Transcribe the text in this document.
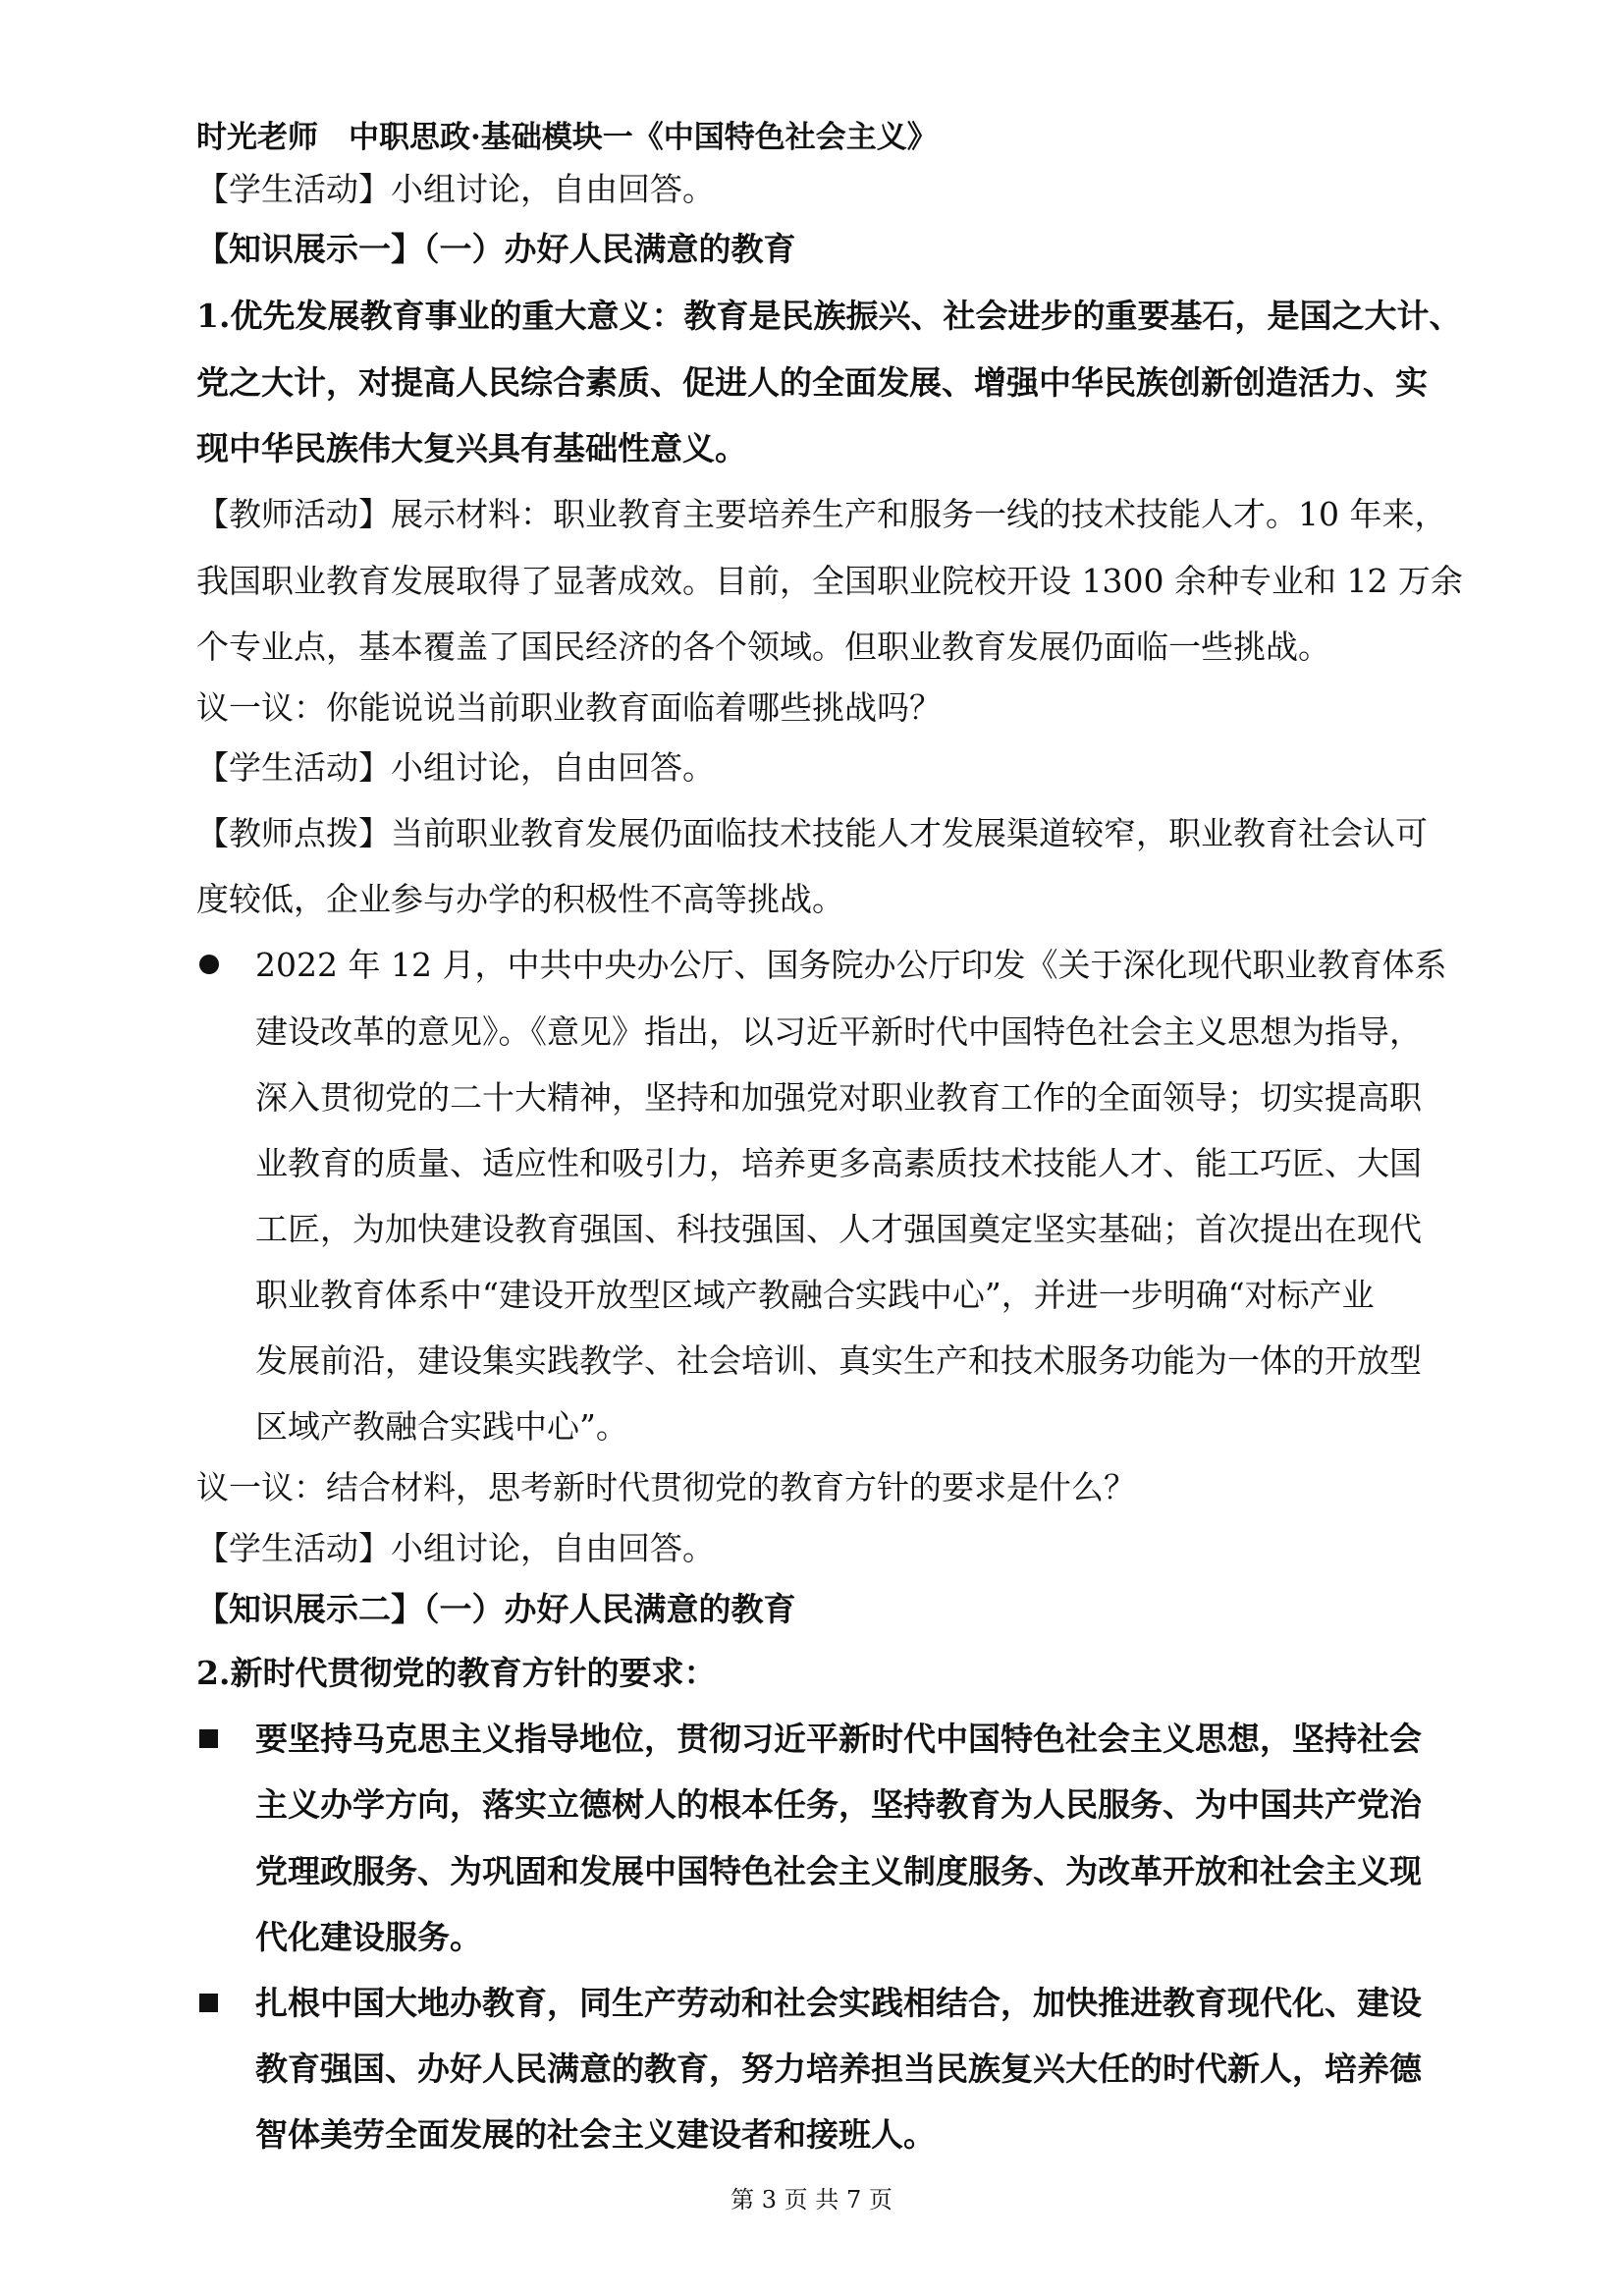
时光老师　中职思政·基础模块一《中国特色社会主义》
【学生活动】小组讨论，自由回答。
【知识展示一】（一）办好人民满意的教育
1.优先发展教育事业的重大意义：教育是民族振兴、社会进步的重要基石，是国之大计、
党之大计，对提高人民综合素质、促进人的全面发展、增强中华民族创新创造活力、实
现中华民族伟大复兴具有基础性意义。
【教师活动】展示材料：职业教育主要培养生产和服务一线的技术技能人才。10 年来，
我国职业教育发展取得了显著成效。目前，全国职业院校开设 1300 余种专业和 12 万余
个专业点，基本覆盖了国民经济的各个领域。但职业教育发展仍面临一些挑战。
议一议：你能说说当前职业教育面临着哪些挑战吗？
【学生活动】小组讨论，自由回答。
【教师点拨】当前职业教育发展仍面临技术技能人才发展渠道较窄，职业教育社会认可
度较低，企业参与办学的积极性不高等挑战。
2022 年 12 月，中共中央办公厅、国务院办公厅印发《关于深化现代职业教育体系
建设改革的意见》。《意见》指出，以习近平新时代中国特色社会主义思想为指导，
深入贯彻党的二十大精神，坚持和加强党对职业教育工作的全面领导；切实提高职
业教育的质量、适应性和吸引力，培养更多高素质技术技能人才、能工巧匠、大国
工匠，为加快建设教育强国、科技强国、人才强国奠定坚实基础；首次提出在现代
职业教育体系中“建设开放型区域产教融合实践中心”，并进一步明确“对标产业
发展前沿，建设集实践教学、社会培训、真实生产和技术服务功能为一体的开放型
区域产教融合实践中心”。
议一议：结合材料，思考新时代贯彻党的教育方针的要求是什么？
【学生活动】小组讨论，自由回答。
【知识展示二】（一）办好人民满意的教育
2.新时代贯彻党的教育方针的要求：
要坚持马克思主义指导地位，贯彻习近平新时代中国特色社会主义思想，坚持社会
主义办学方向，落实立德树人的根本任务，坚持教育为人民服务、为中国共产党治
党理政服务、为巩固和发展中国特色社会主义制度服务、为改革开放和社会主义现
代化建设服务。
扎根中国大地办教育，同生产劳动和社会实践相结合，加快推进教育现代化、建设
教育强国、办好人民满意的教育，努力培养担当民族复兴大任的时代新人，培养德
智体美劳全面发展的社会主义建设者和接班人。
第 3 页 共 7 页
